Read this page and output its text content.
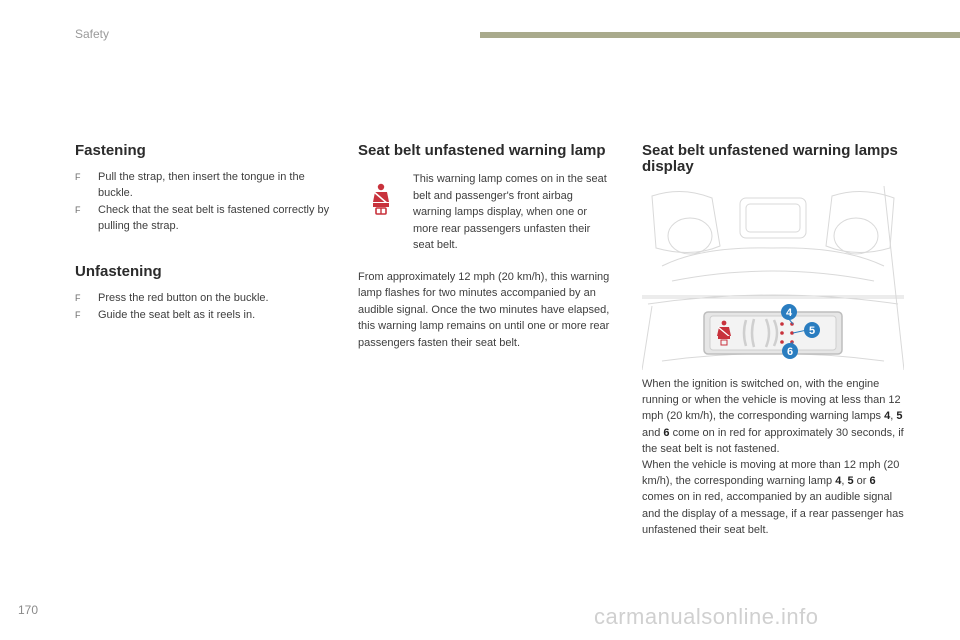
Safety
Fastening
F Pull the strap, then insert the tongue in the buckle.
F Check that the seat belt is fastened correctly by pulling the strap.
Unfastening
F Press the red button on the buckle.
F Guide the seat belt as it reels in.
Seat belt unfastened warning lamp
This warning lamp comes on in the seat belt and passenger's front airbag warning lamps display, when one or more rear passengers unfasten their seat belt.

From approximately 12 mph (20 km/h), this warning lamp flashes for two minutes accompanied by an audible signal. Once the two minutes have elapsed, this warning lamp remains on until one or more rear passengers fasten their seat belt.

Seat belt unfastened warning lamps display
4
5
6
When the ignition is switched on, with the engine running or when the vehicle is moving at less than 12 mph (20 km/h), the corresponding warning lamps 4, 5 and 6 come on in red for approximately 30 seconds, if the seat belt is not fastened.
When the vehicle is moving at more than 12 mph (20 km/h), the corresponding warning lamp 4, 5 or 6 comes on in red, accompanied by an audible signal and the display of a message, if a rear passenger has unfastened their seat belt.
170	carmanualsonline.info
